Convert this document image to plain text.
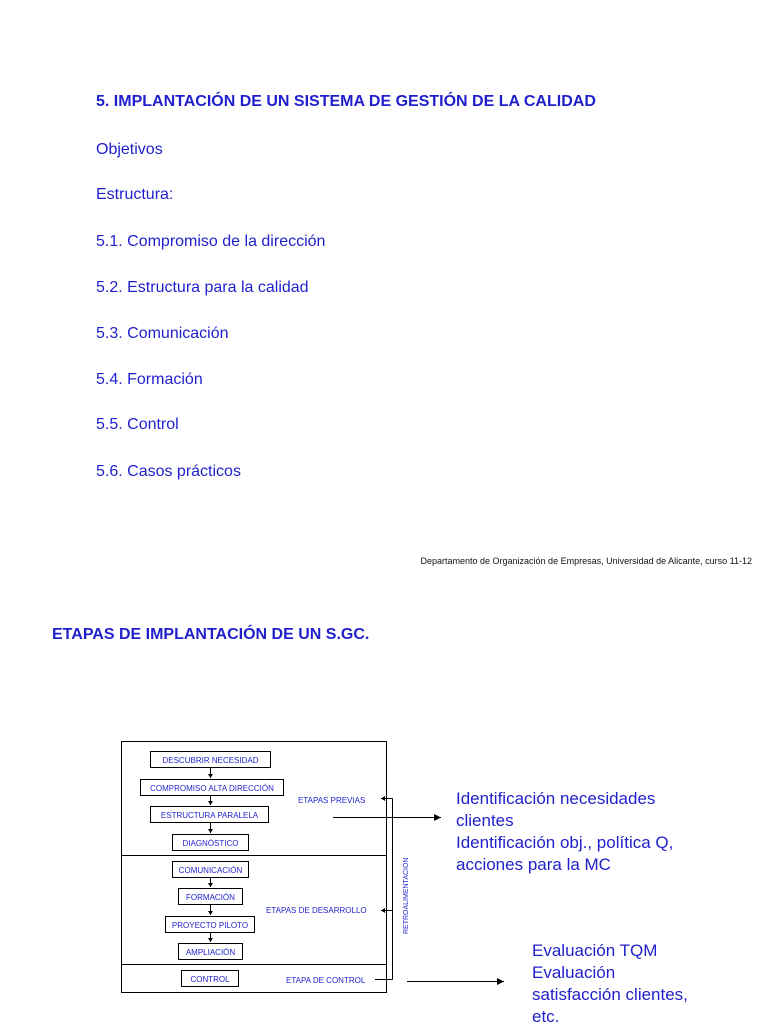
5. IMPLANTACIÓN DE UN SISTEMA DE GESTIÓN DE LA CALIDAD
Objetivos
Estructura:
5.1. Compromiso de la dirección
5.2. Estructura para la calidad
5.3. Comunicación
5.4. Formación
5.5. Control
5.6. Casos prácticos
Departamento de Organización de Empresas, Universidad de Alicante, curso 11-12
ETAPAS DE IMPLANTACIÓN DE UN S.GC.
DESCUBRIR NECESIDAD
COMPROMISO ALTA DIRECCIÓN
ESTRUCTURA PARALELA
DIAGNÓSTICO
COMUNICACIÓN
FORMACIÓN
PROYECTO PILOTO
AMPLIACIÓN
CONTROL
ETAPAS PREVIAS
ETAPAS DE DESARROLLO
ETAPA DE CONTROL
RETROALIMENTACIÓN
Identificación necesidades
clientes
Identificación obj., política Q,
acciones para la MC
Evaluación TQM
Evaluación
satisfacción clientes,
etc.
